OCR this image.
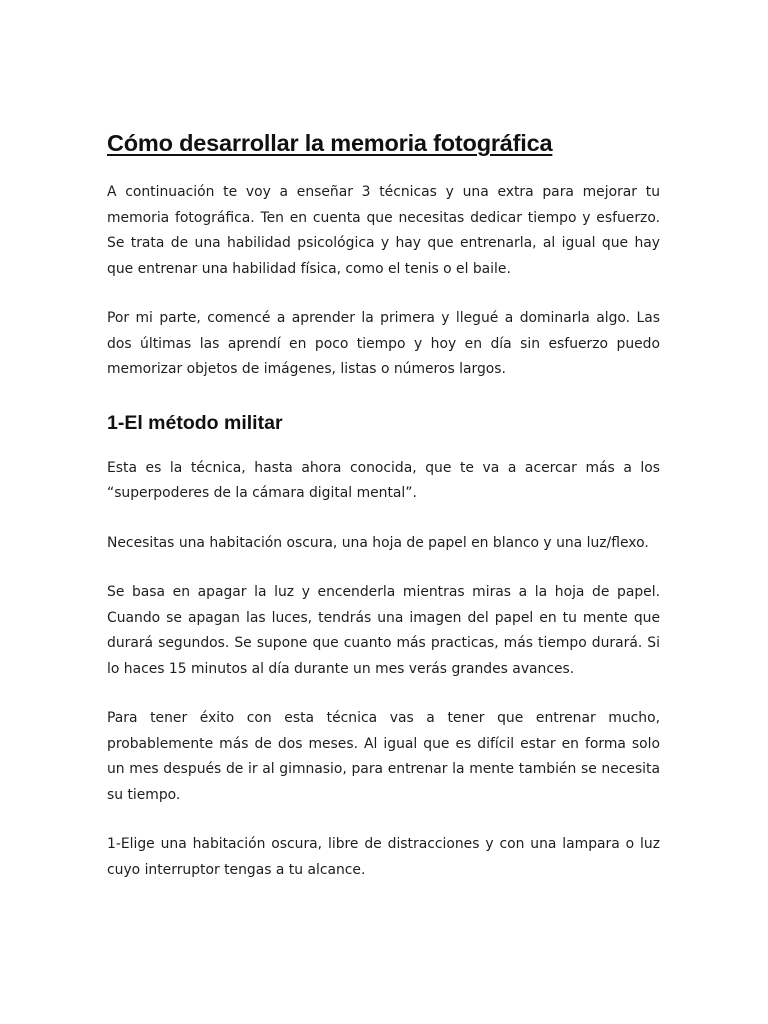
Cómo desarrollar la memoria fotográfica

A continuación te voy a enseñar 3 técnicas y una extra para mejorar tu memoria fotográfica. Ten en cuenta que necesitas dedicar tiempo y esfuerzo. Se trata de una habilidad psicológica y hay que entrenarla, al igual que hay que entrenar una habilidad física, como el tenis o el baile.

Por mi parte, comencé a aprender la primera y llegué a dominarla algo. Las dos últimas las aprendí en poco tiempo y hoy en día sin esfuerzo puedo memorizar objetos de imágenes, listas o números largos.

1-El método militar

Esta es la técnica, hasta ahora conocida, que te va a acercar más a los “superpoderes de la cámara digital mental”.

Necesitas una habitación oscura, una hoja de papel en blanco y una luz/flexo.

Se basa en apagar la luz y encenderla mientras miras a la hoja de papel. Cuando se apagan las luces, tendrás una imagen del papel en tu mente que durará segundos. Se supone que cuanto más practicas, más tiempo durará. Si lo haces 15 minutos al día durante un mes verás grandes avances.

Para tener éxito con esta técnica vas a tener que entrenar mucho, probablemente más de dos meses. Al igual que es difícil estar en forma solo un mes después de ir al gimnasio, para entrenar la mente también se necesita su tiempo.

1-Elige una habitación oscura, libre de distracciones y con una lampara o luz cuyo interruptor tengas a tu alcance.
